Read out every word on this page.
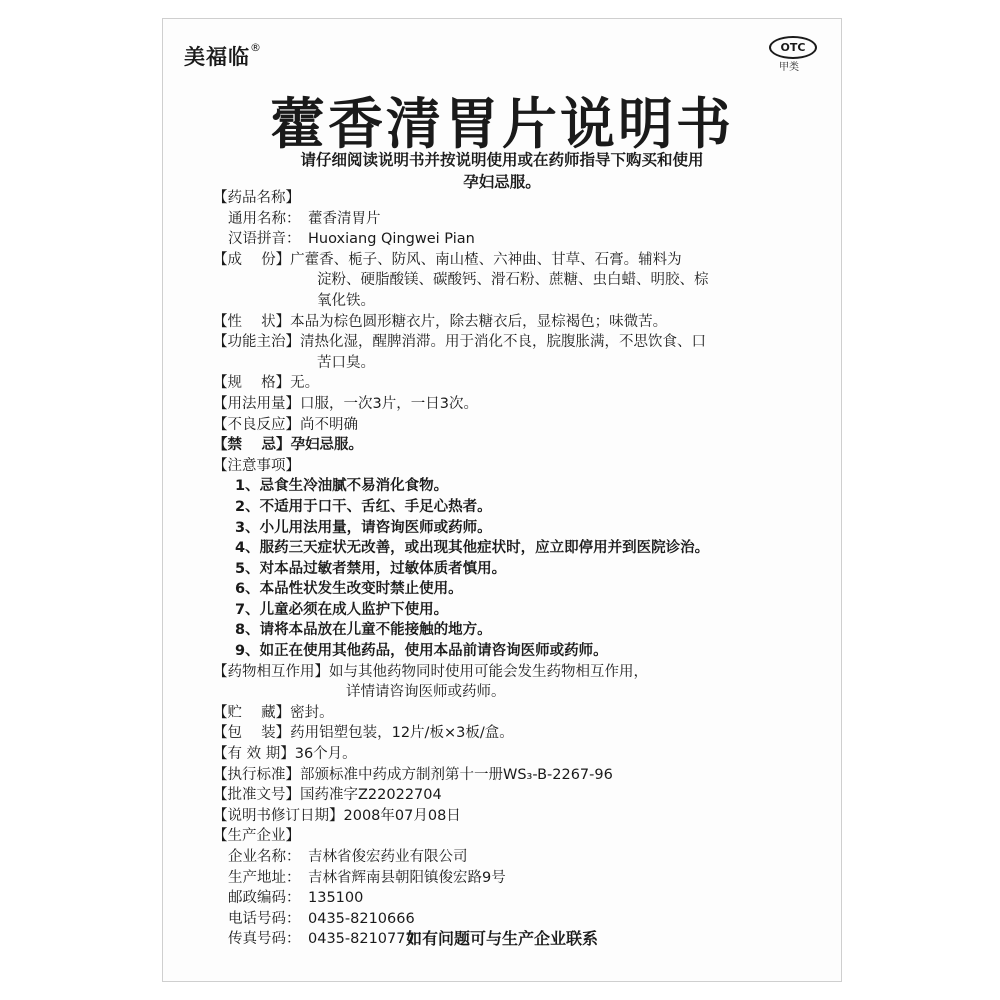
美福临®	OTC
甲类
藿香清胃片说明书
请仔细阅读说明书并按说明使用或在药师指导下购买和使用
孕妇忌服。
【药品名称】
通用名称： 藿香清胃片
汉语拼音： Huoxiang Qingwei Pian
【成　 份】 广藿香、栀子、防风、南山楂、六神曲、甘草、石膏。辅料为
淀粉、硬脂酸镁、碳酸钙、滑石粉、蔗糖、虫白蜡、明胶、棕
氧化铁。
【性　 状】 本品为棕色圆形糖衣片，除去糖衣后，显棕褐色；味微苦。
【功能主治】 清热化湿，醒脾消滞。用于消化不良，脘腹胀满，不思饮食、口
苦口臭。
【规　 格】 无。
【用法用量】 口服，一次3片，一日3次。
【不良反应】 尚不明确
【禁　 忌】 孕妇忌服。
【注意事项】
1、忌食生冷油腻不易消化食物。
2、不适用于口干、舌红、手足心热者。
3、小儿用法用量，请咨询医师或药师。
4、服药三天症状无改善，或出现其他症状时，应立即停用并到医院诊治。
5、对本品过敏者禁用，过敏体质者慎用。
6、本品性状发生改变时禁止使用。
7、儿童必须在成人监护下使用。
8、请将本品放在儿童不能接触的地方。
9、如正在使用其他药品，使用本品前请咨询医师或药师。
【药物相互作用】 如与其他药物同时使用可能会发生药物相互作用，
详情请咨询医师或药师。
【贮　 藏】 密封。
【包　 装】 药用铝塑包装，12片/板×3板/盒。
【有 效 期】 36个月。
【执行标准】 部颁标准中药成方制剂第十一册WS₃-B-2267-96
【批准文号】 国药准字Z22022704
【说明书修订日期】 2008年07月08日
【生产企业】
企业名称： 吉林省俊宏药业有限公司
生产地址： 吉林省辉南县朝阳镇俊宏路9号
邮政编码： 135100
电话号码： 0435-8210666
传真号码： 0435-8210777
如有问题可与生产企业联系
